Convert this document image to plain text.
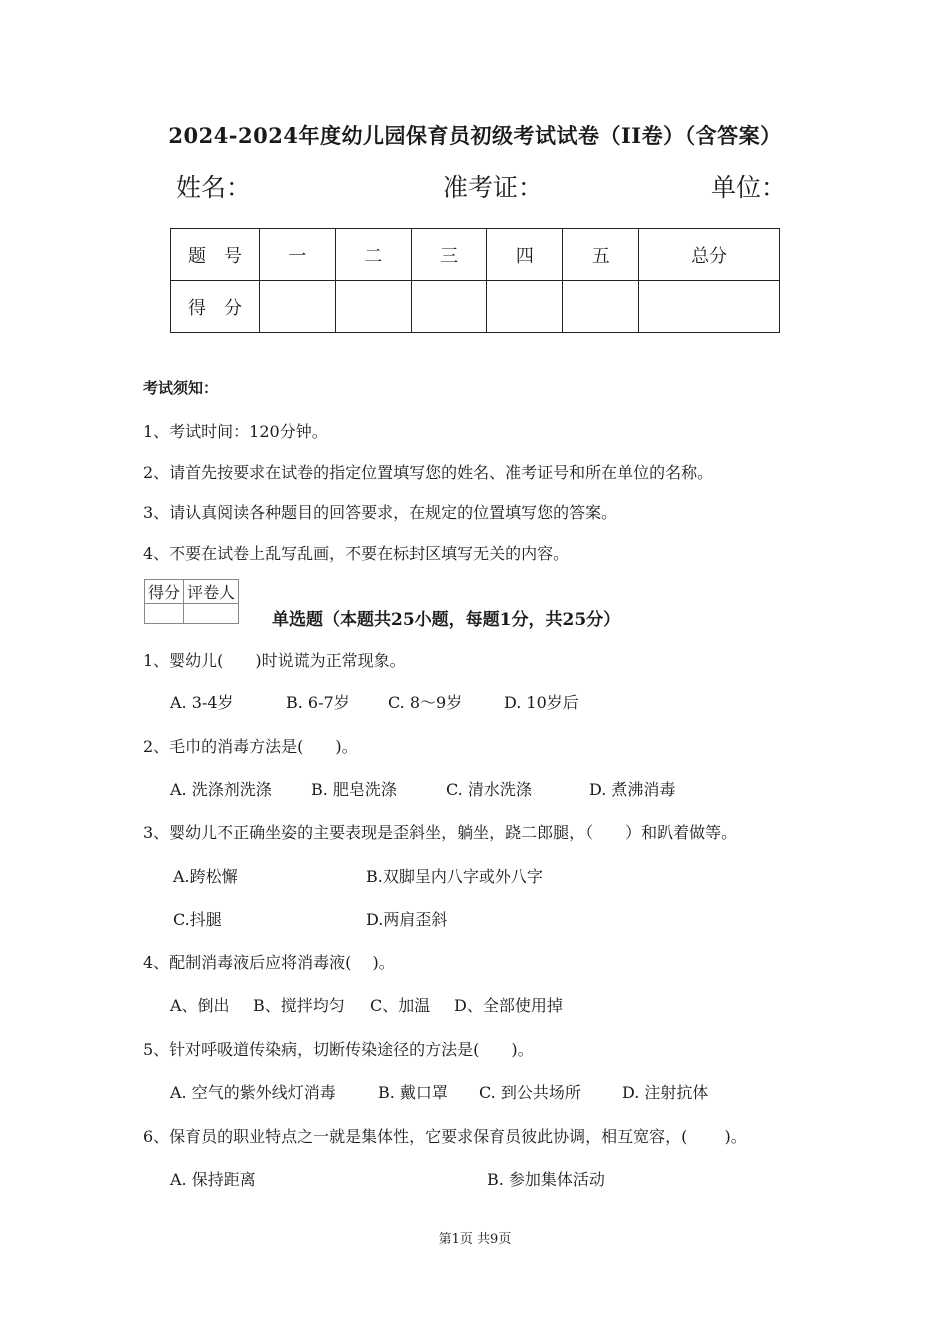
2024-2024年度幼儿园保育员初级考试试卷（II卷）（含答案）
姓名：	准考证：	单位：
题　号	一	二	三	四	五	总分
得　分						
考试须知：
1、考试时间：120分钟。
2、请首先按要求在试卷的指定位置填写您的姓名、准考证号和所在单位的名称。
3、请认真阅读各种题目的回答要求，在规定的位置填写您的答案。
4、不要在试卷上乱写乱画，不要在标封区填写无关的内容。
得分	评卷人

单选题（本题共25小题，每题1分，共25分）
1、婴幼儿(　　)时说谎为正常现象。
A. 3-4岁	B. 6-7岁 C. 8～9岁	D. 10岁后
2、毛巾的消毒方法是(　　)。
A. 洗涤剂洗涤 B. 肥皂洗涤	C. 清水洗涤	D. 煮沸消毒
3、婴幼儿不正确坐姿的主要表现是歪斜坐，躺坐，跷二郎腿，（　　）和趴着做等。
A.跨松懈	B.双脚呈内八字或外八字
C.抖腿	D.两肩歪斜
4、配制消毒液后应将消毒液(　 )。
A、倒出 B、搅拌均匀 C、加温 D、全部使用掉
5、针对呼吸道传染病，切断传染途径的方法是(　　)。
A. 空气的紫外线灯消毒	B. 戴口罩 C. 到公共场所	D. 注射抗体
6、保育员的职业特点之一就是集体性，它要求保育员彼此协调，相互宽容，(　　 )。
A. 保持距离	B. 参加集体活动
第1页 共9页
